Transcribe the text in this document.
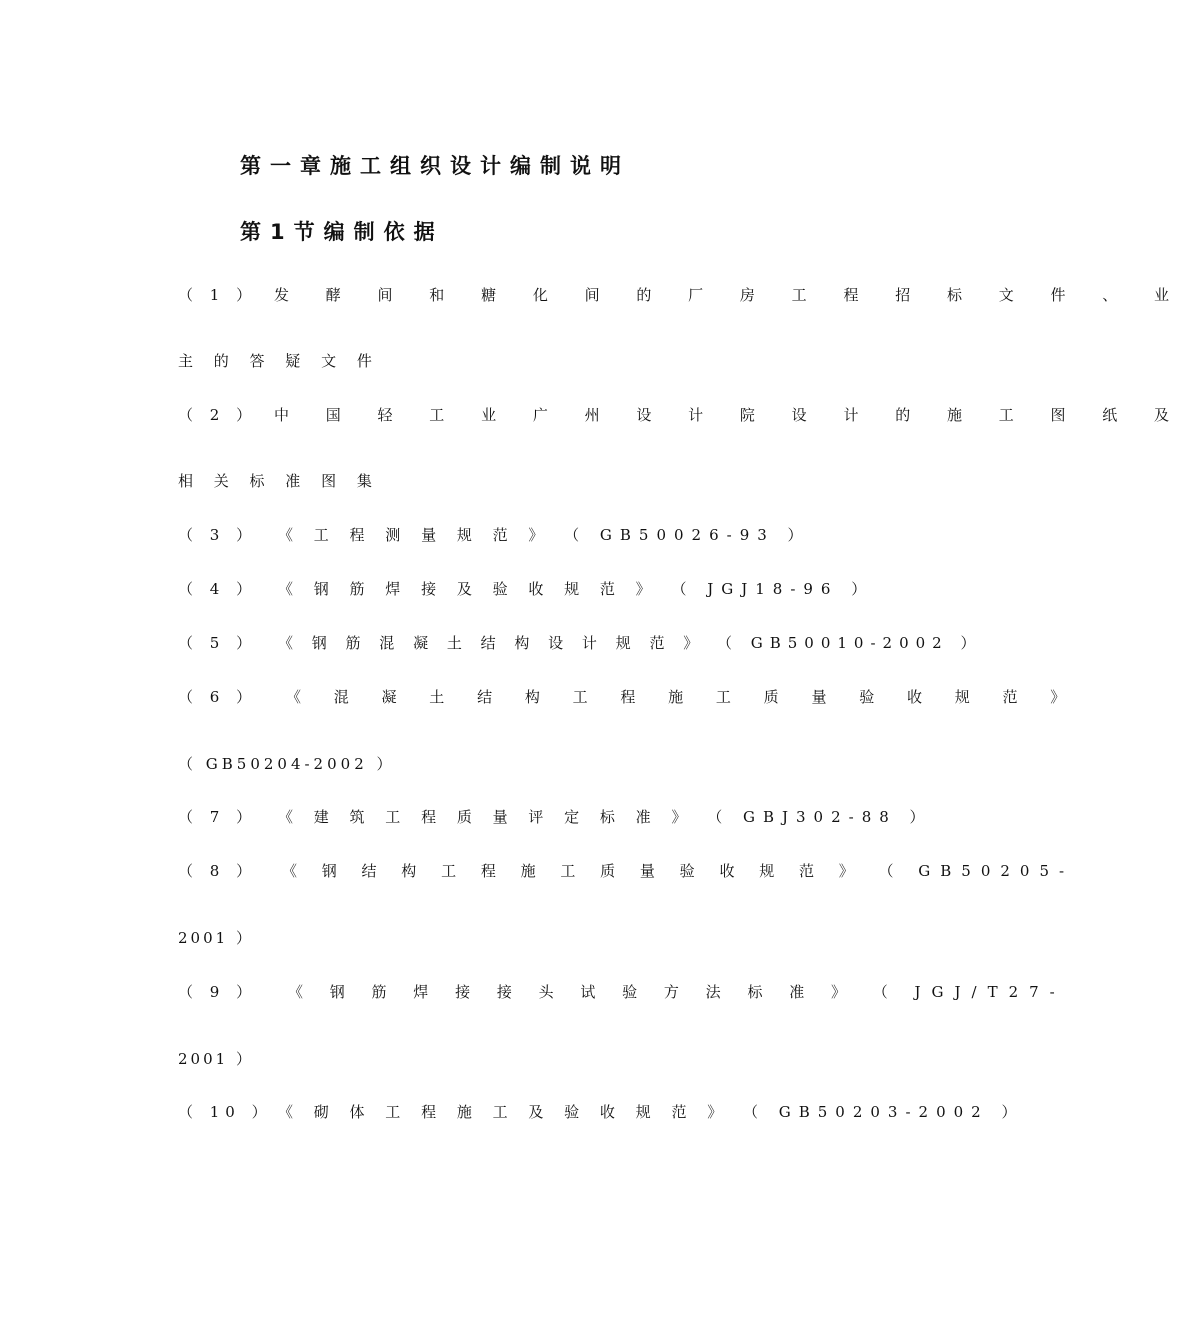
第一章施工组织设计编制说明
第1节编制依据
（ 1 ） 发 酵 间 和 糖 化 间 的 厂 房 工 程 招 标 文 件 、 业
主 的 答 疑 文 件
（ 2 ） 中 国 轻 工 业 广 州 设 计 院 设 计 的 施 工 图 纸 及
相 关 标 准 图 集
（ 3 ） 《 工 程 测 量 规 范 》 （ GB50026-93 ）
（ 4 ） 《 钢 筋 焊 接 及 验 收 规 范 》 （ JGJ18-96 ）
（ 5 ） 《 钢 筋 混 凝 土 结 构 设 计 规 范 》 （ GB50010-2002 ）
（ 6 ） 《 混 凝 土 结 构 工 程 施 工 质 量 验 收 规 范 》
（ GB50204-2002 ）
（ 7 ） 《 建 筑 工 程 质 量 评 定 标 准 》 （ GBJ302-88 ）
（ 8 ） 《 钢 结 构 工 程 施 工 质 量 验 收 规 范 》 （ GB50205-
2001 ）
（ 9 ） 《 钢 筋 焊 接 接 头 试 验 方 法 标 准 》 （ JGJ/T27-
2001 ）
（ 10 ） 《 砌 体 工 程 施 工 及 验 收 规 范 》 （ GB50203-2002 ）
